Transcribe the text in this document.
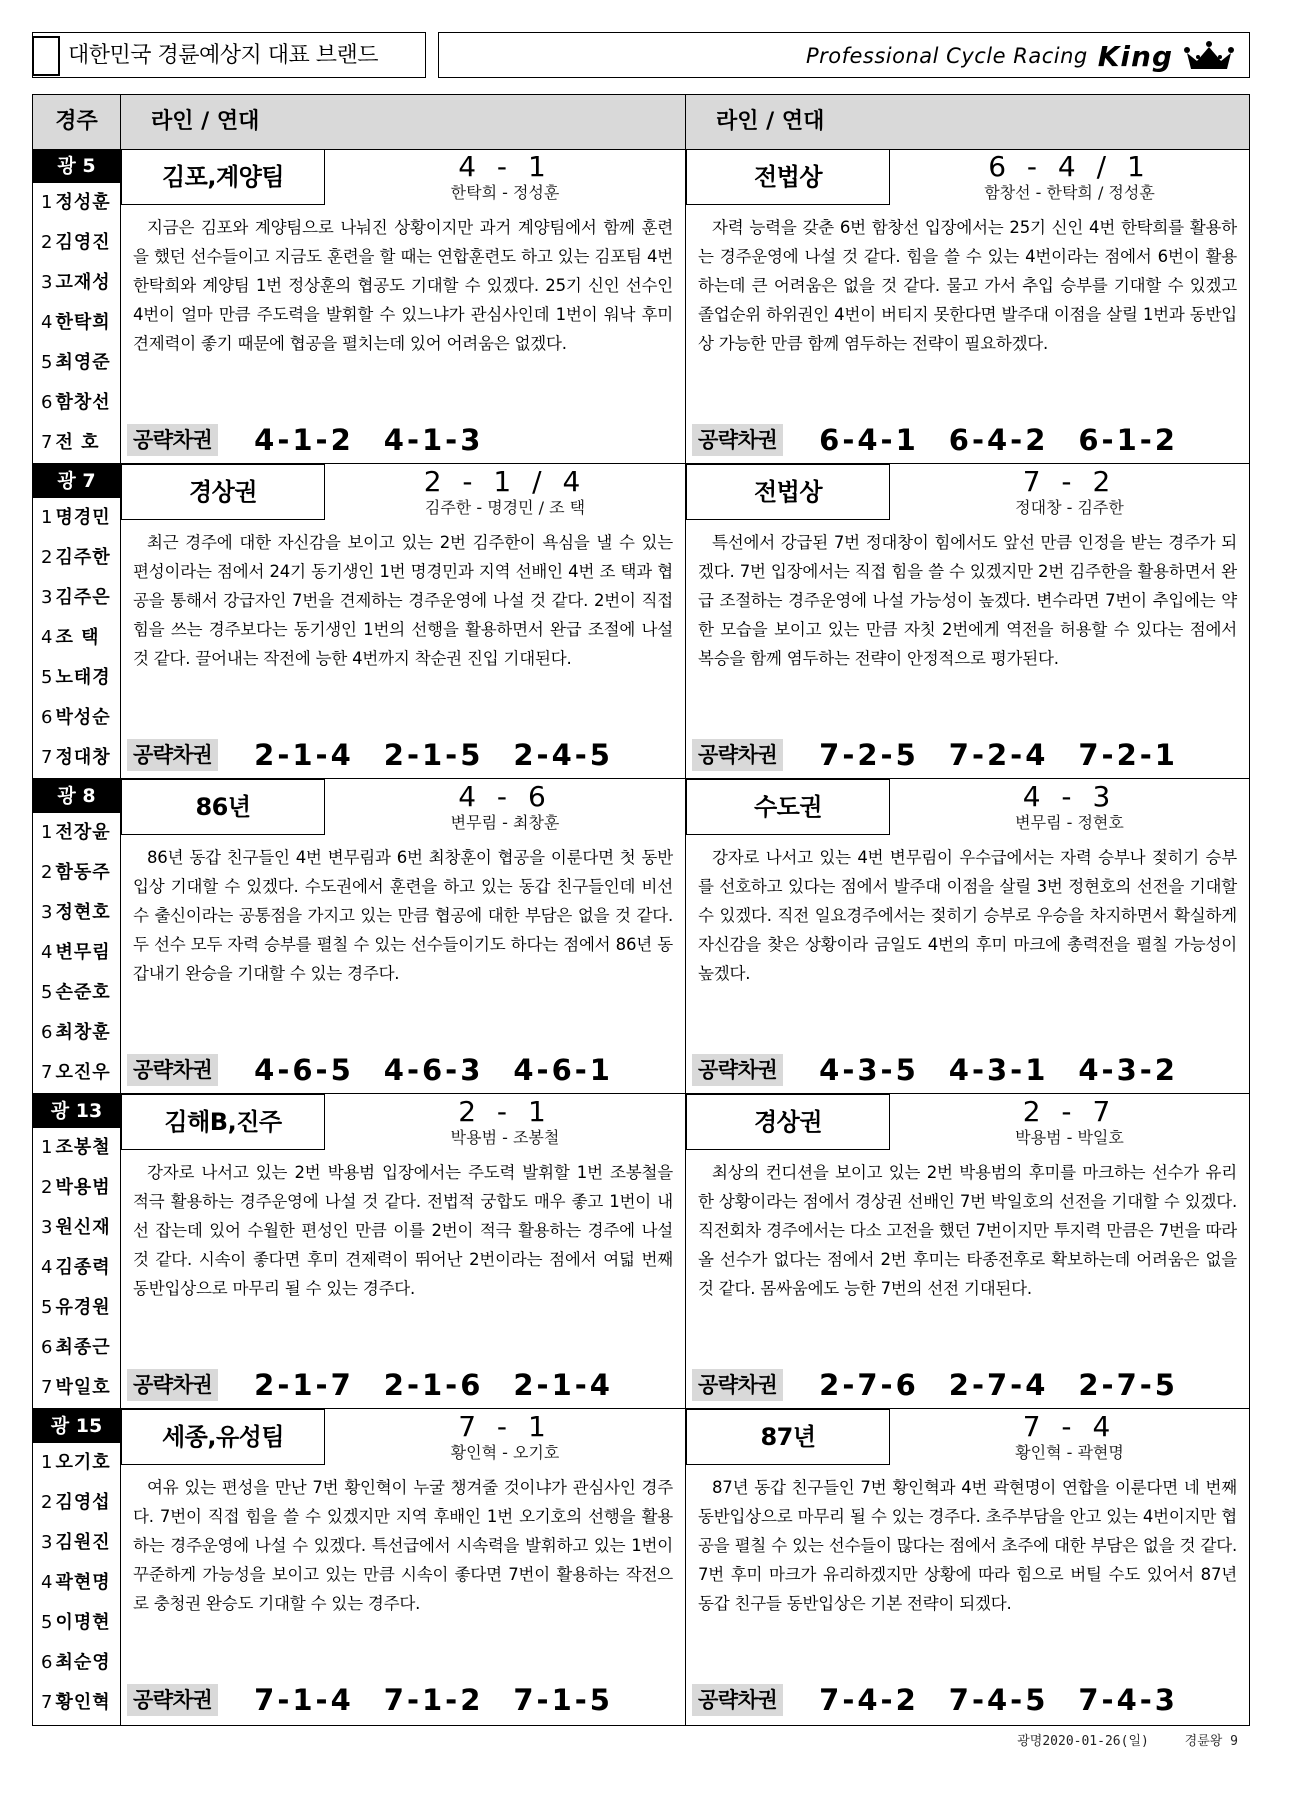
대한민국 경륜예상지 대표 브랜드	Professional Cycle Racing King
경주	라인 / 연대	라인 / 연대
광 5
1 정성훈
2 김영진
3 고재성
4 한탁희
5 최영준
6 함창선
7 전 호
김포,계양팀	4 - 1
한탁희 - 정성훈
지금은 김포와 계양팀으로 나눠진 상황이지만 과거 계양팀에서 함께 훈련을 했던 선수들이고 지금도 훈련을 할 때는 연합훈련도 하고 있는 김포팀 4번 한탁희와 계양팀 1번 정상훈의 협공도 기대할 수 있겠다. 25기 신인 선수인 4번이 얼마 만큼 주도력을 발휘할 수 있느냐가 관심사인데 1번이 워낙 후미 견제력이 좋기 때문에 협공을 펼치는데 있어 어려움은 없겠다.
공략차권 4-1-2 4-1-3
전법상	6 - 4 / 1
함창선 - 한탁희 / 정성훈
자력 능력을 갖춘 6번 함창선 입장에서는 25기 신인 4번 한탁희를 활용하는 경주운영에 나설 것 같다. 힘을 쓸 수 있는 4번이라는 점에서 6번이 활용하는데 큰 어려움은 없을 것 같다. 물고 가서 추입 승부를 기대할 수 있겠고 졸업순위 하위권인 4번이 버티지 못한다면 발주대 이점을 살릴 1번과 동반입상 가능한 만큼 함께 염두하는 전략이 필요하겠다.
공략차권 6-4-1 6-4-2 6-1-2
광 7
1 명경민
2 김주한
3 김주은
4 조 택
5 노태경
6 박성순
7 정대창
경상권	2 - 1 / 4
김주한 - 명경민 / 조 택
최근 경주에 대한 자신감을 보이고 있는 2번 김주한이 욕심을 낼 수 있는 편성이라는 점에서 24기 동기생인 1번 명경민과 지역 선배인 4번 조 택과 협공을 통해서 강급자인 7번을 견제하는 경주운영에 나설 것 같다. 2번이 직접 힘을 쓰는 경주보다는 동기생인 1번의 선행을 활용하면서 완급 조절에 나설 것 같다. 끌어내는 작전에 능한 4번까지 착순권 진입 기대된다.
공략차권 2-1-4 2-1-5 2-4-5
전법상	7 - 2
정대창 - 김주한
특선에서 강급된 7번 정대창이 힘에서도 앞선 만큼 인정을 받는 경주가 되겠다. 7번 입장에서는 직접 힘을 쓸 수 있겠지만 2번 김주한을 활용하면서 완급 조절하는 경주운영에 나설 가능성이 높겠다. 변수라면 7번이 추입에는 약한 모습을 보이고 있는 만큼 자칫 2번에게 역전을 허용할 수 있다는 점에서 복승을 함께 염두하는 전략이 안정적으로 평가된다.
공략차권 7-2-5 7-2-4 7-2-1
광 8
1 전장윤
2 함동주
3 정현호
4 변무림
5 손준호
6 최창훈
7 오진우
86년	4 - 6
변무림 - 최창훈
86년 동갑 친구들인 4번 변무림과 6번 최창훈이 협공을 이룬다면 첫 동반입상 기대할 수 있겠다. 수도권에서 훈련을 하고 있는 동갑 친구들인데 비선수 출신이라는 공통점을 가지고 있는 만큼 협공에 대한 부담은 없을 것 같다. 두 선수 모두 자력 승부를 펼칠 수 있는 선수들이기도 하다는 점에서 86년 동갑내기 완승을 기대할 수 있는 경주다.
공략차권 4-6-5 4-6-3 4-6-1
수도권	4 - 3
변무림 - 정현호
강자로 나서고 있는 4번 변무림이 우수급에서는 자력 승부나 젖히기 승부를 선호하고 있다는 점에서 발주대 이점을 살릴 3번 정현호의 선전을 기대할 수 있겠다. 직전 일요경주에서는 젖히기 승부로 우승을 차지하면서 확실하게 자신감을 찾은 상황이라 금일도 4번의 후미 마크에 총력전을 펼칠 가능성이 높겠다.
공략차권 4-3-5 4-3-1 4-3-2
광 13
1 조봉철
2 박용범
3 원신재
4 김종력
5 유경원
6 최종근
7 박일호
김해B,진주	2 - 1
박용범 - 조봉철
강자로 나서고 있는 2번 박용범 입장에서는 주도력 발휘할 1번 조봉철을 적극 활용하는 경주운영에 나설 것 같다. 전법적 궁합도 매우 좋고 1번이 내선 잡는데 있어 수월한 편성인 만큼 이를 2번이 적극 활용하는 경주에 나설 것 같다. 시속이 좋다면 후미 견제력이 뛰어난 2번이라는 점에서 여덟 번째 동반입상으로 마무리 될 수 있는 경주다.
공략차권 2-1-7 2-1-6 2-1-4
경상권	2 - 7
박용범 - 박일호
최상의 컨디션을 보이고 있는 2번 박용범의 후미를 마크하는 선수가 유리한 상황이라는 점에서 경상권 선배인 7번 박일호의 선전을 기대할 수 있겠다. 직전회차 경주에서는 다소 고전을 했던 7번이지만 투지력 만큼은 7번을 따라올 선수가 없다는 점에서 2번 후미는 타종전후로 확보하는데 어려움은 없을 것 같다. 몸싸움에도 능한 7번의 선전 기대된다.
공략차권 2-7-6 2-7-4 2-7-5
광 15
1 오기호
2 김영섭
3 김원진
4 곽현명
5 이명현
6 최순영
7 황인혁
세종,유성팀	7 - 1
황인혁 - 오기호
여유 있는 편성을 만난 7번 황인혁이 누굴 챙겨줄 것이냐가 관심사인 경주다. 7번이 직접 힘을 쓸 수 있겠지만 지역 후배인 1번 오기호의 선행을 활용하는 경주운영에 나설 수 있겠다. 특선급에서 시속력을 발휘하고 있는 1번이 꾸준하게 가능성을 보이고 있는 만큼 시속이 좋다면 7번이 활용하는 작전으로 충청권 완승도 기대할 수 있는 경주다.
공략차권 7-1-4 7-1-2 7-1-5
87년	7 - 4
황인혁 - 곽현명
87년 동갑 친구들인 7번 황인혁과 4번 곽현명이 연합을 이룬다면 네 번째 동반입상으로 마무리 될 수 있는 경주다. 초주부담을 안고 있는 4번이지만 협공을 펼칠 수 있는 선수들이 많다는 점에서 초주에 대한 부담은 없을 것 같다. 7번 후미 마크가 유리하겠지만 상황에 따라 힘으로 버틸 수도 있어서 87년 동갑 친구들 동반입상은 기본 전략이 되겠다.
공략차권 7-4-2 7-4-5 7-4-3
광명2020-01-26(일)	경륜왕 9
